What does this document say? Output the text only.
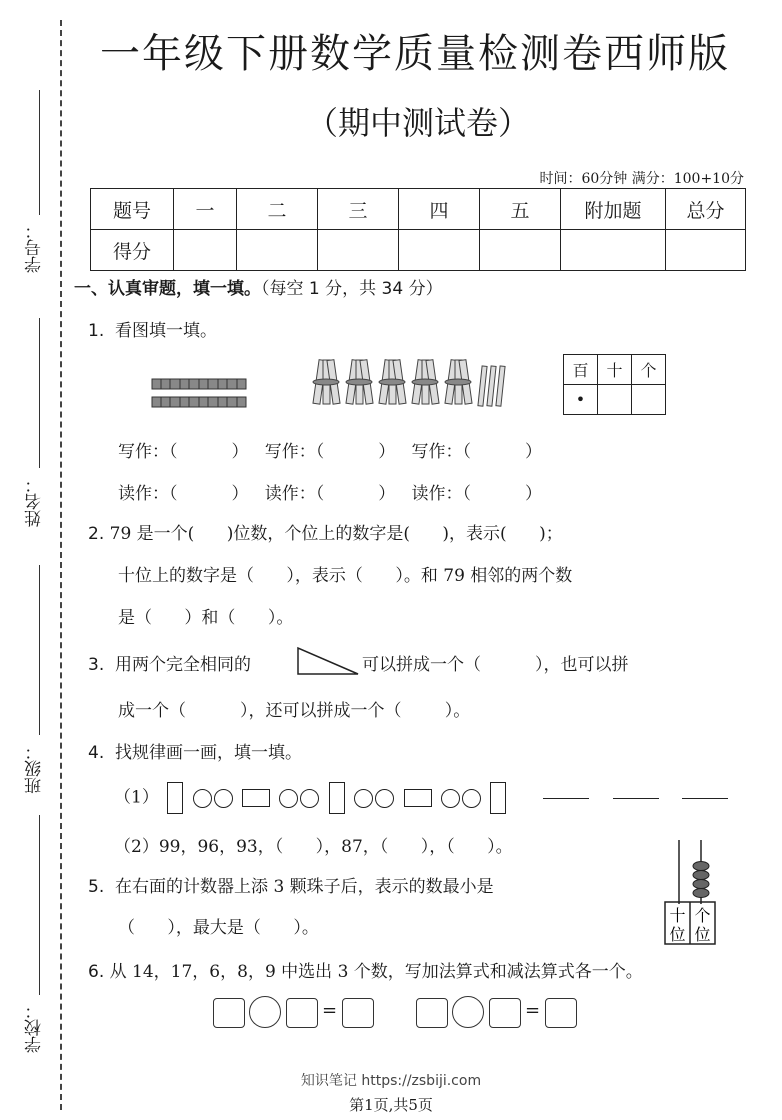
学号：
姓名：
班级：
学校：
一年级下册数学质量检测卷西师版
（期中测试卷）
时间：60分钟 满分：100+10分
题号	一	二	三	四	五	附加题	总分
得分							
一、认真审题，填一填。（每空 1 分，共 34 分）
1. 看图填一填。
百	十	个
•		
写作：（          ）   写作：（          ）   写作：（          ）
读作：（          ）   读作：（          ）   读作：（          ）
2. 79 是一个(      )位数，个位上的数字是(      )，表示(      )；
十位上的数字是（      ），表示（      ）。和 79 相邻的两个数
是（      ）和（      ）。
3. 用两个完全相同的	可以拼成一个（          ），也可以拼
成一个（          ），还可以拼成一个（        ）。
4. 找规律画一画，填一填。
（1）
（2）99，96，93，（      ），87，（      ），（      ）。
5. 在右面的计数器上添 3 颗珠子后，表示的数最小是
（      ），最大是（      ）。
十
位
个
位
6. 从 14，17，6，8，9 中选出 3 个数，写加法算式和减法算式各一个。
=	=
知识笔记 https://zsbiji.com
第1页,共5页
